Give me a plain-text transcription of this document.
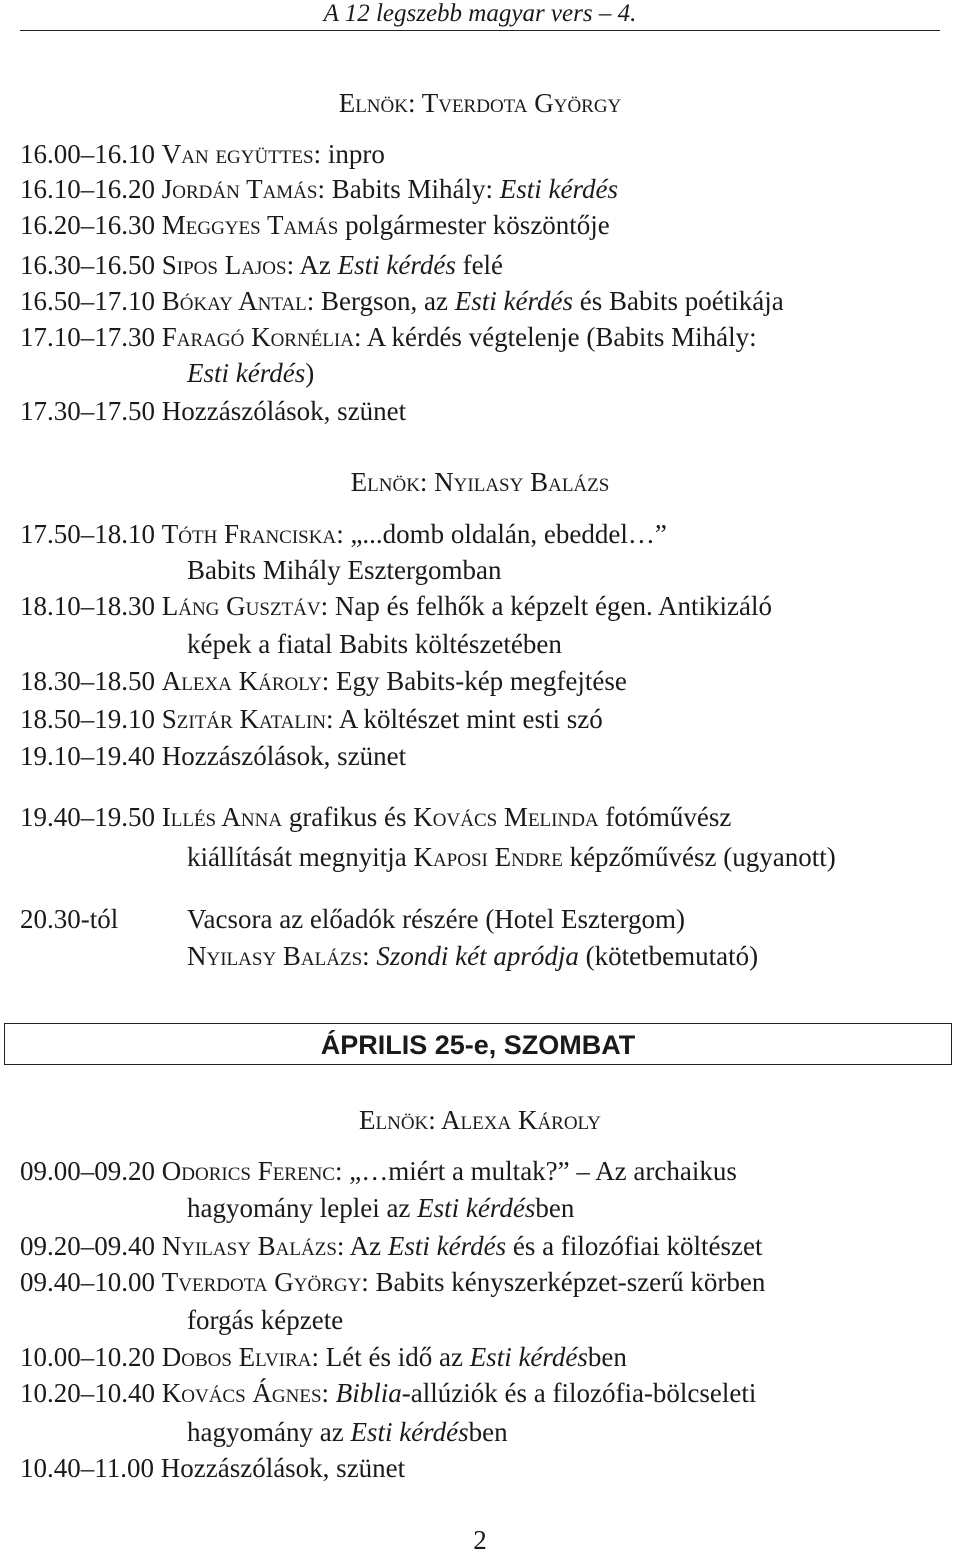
A 12 legszebb magyar vers – 4.
Elnök: Tverdota György
16.00–16.10 Van együttes: inpro
16.10–16.20 Jordán Tamás: Babits Mihály: Esti kérdés
16.20–16.30 Meggyes Tamás polgármester köszöntője
16.30–16.50 Sipos Lajos: Az Esti kérdés felé
16.50–17.10 Bókay Antal: Bergson, az Esti kérdés és Babits poétikája
17.10–17.30 Faragó Kornélia: A kérdés végtelenje (Babits Mihály:
Esti kérdés)
17.30–17.50 Hozzászólások, szünet
Elnök: Nyilasy Balázs
17.50–18.10 Tóth Franciska: „...domb oldalán, ebeddel…”
Babits Mihály Esztergomban
18.10–18.30 Láng Gusztáv: Nap és felhők a képzelt égen. Antikizáló
képek a fiatal Babits költészetében
18.30–18.50 Alexa Károly: Egy Babits-kép megfejtése
18.50–19.10 Szitár Katalin: A költészet mint esti szó
19.10–19.40 Hozzászólások, szünet
19.40–19.50 Illés Anna grafikus és Kovács Melinda fotóművész
kiállítását megnyitja Kaposi Endre képzőművész (ugyanott)
20.30-tól	Vacsora az előadók részére (Hotel Esztergom)
Nyilasy Balázs: Szondi két apródja (kötetbemutató)
ÁPRILIS 25-e, SZOMBAT
Elnök: Alexa Károly
09.00–09.20 Odorics Ferenc: „…miért a multak?” – Az archaikus
hagyomány leplei az Esti kérdésben
09.20–09.40 Nyilasy Balázs: Az Esti kérdés és a filozófiai költészet
09.40–10.00 Tverdota György: Babits kényszerképzet-szerű körben
forgás képzete
10.00–10.20 Dobos Elvira: Lét és idő az Esti kérdésben
10.20–10.40 Kovács Ágnes: Biblia-allúziók és a filozófia-bölcseleti
hagyomány az Esti kérdésben
10.40–11.00 Hozzászólások, szünet
2
